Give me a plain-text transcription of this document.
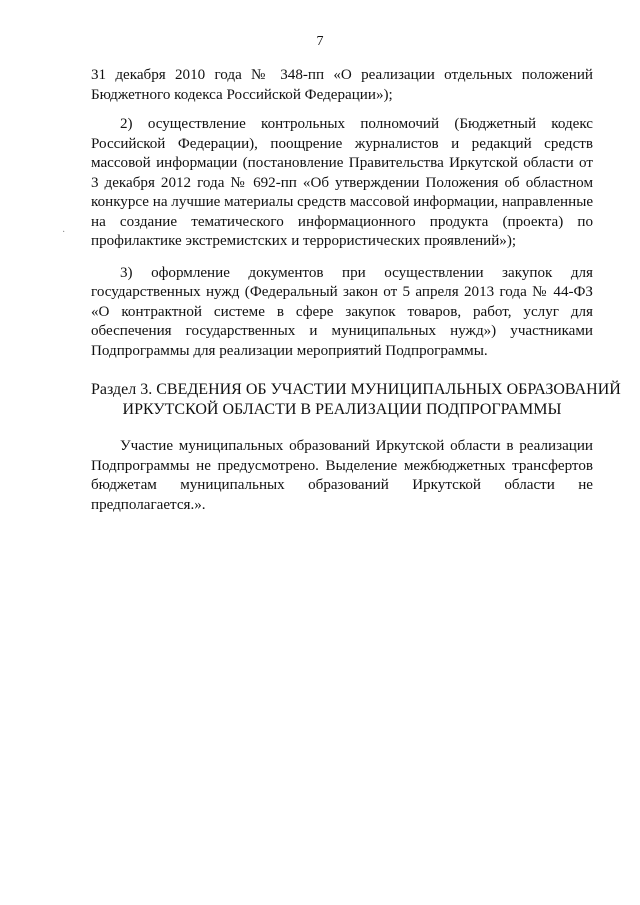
7
·
31 декабря 2010 года № 348-пп «О реализации отдельных положений
Бюджетного кодекса Российской Федерации»);
2) осуществление контрольных полномочий (Бюджетный кодекс
Российской Федерации), поощрение журналистов и редакций средств
массовой информации (постановление Правительства Иркутской области от
3 декабря 2012 года № 692-пп «Об утверждении Положения об областном
конкурсе на лучшие материалы средств массовой информации, направленные
на создание тематического информационного продукта (проекта) по
профилактике экстремистских и террористических проявлений»);
3) оформление документов при осуществлении закупок для
государственных нужд (Федеральный закон от 5 апреля 2013 года № 44-ФЗ
«О контрактной системе в сфере закупок товаров, работ, услуг для
обеспечения государственных и муниципальных нужд») участниками
Подпрограммы для реализации мероприятий Подпрограммы.
Раздел 3. СВЕДЕНИЯ ОБ УЧАСТИИ МУНИЦИПАЛЬНЫХ ОБРАЗОВАНИЙ
ИРКУТСКОЙ ОБЛАСТИ В РЕАЛИЗАЦИИ ПОДПРОГРАММЫ
Участие муниципальных образований Иркутской области в реализации
Подпрограммы не предусмотрено. Выделение межбюджетных трансфертов
бюджетам муниципальных образований Иркутской области не
предполагается.».
